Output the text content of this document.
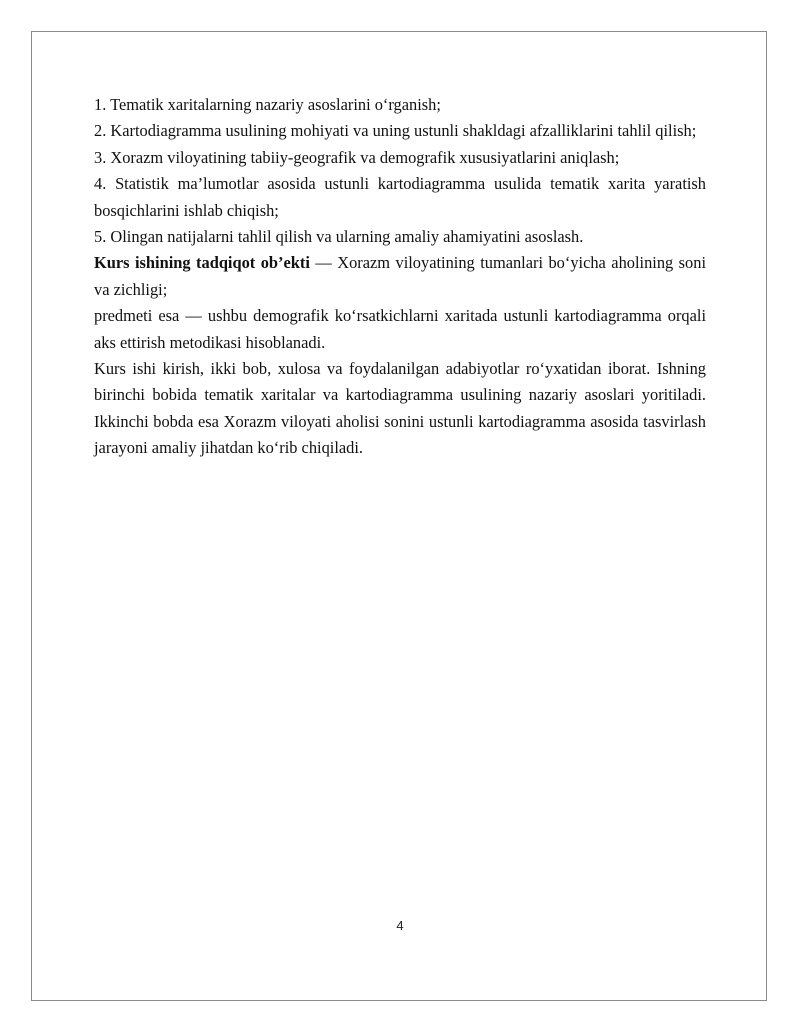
1. Tematik xaritalarning nazariy asoslarini o‘rganish;

2. Kartodiagramma usulining mohiyati va uning ustunli shakldagi afzalliklarini tahlil qilish;

3. Xorazm viloyatining tabiiy-geografik va demografik xususiyatlarini aniqlash;

4. Statistik ma’lumotlar asosida ustunli kartodiagramma usulida tematik xarita yaratish bosqichlarini ishlab chiqish;

5. Olingan natijalarni tahlil qilish va ularning amaliy ahamiyatini asoslash.

Kurs ishining tadqiqot ob’ekti — Xorazm viloyatining tumanlari bo‘yicha aholining soni va zichligi;

predmeti esa — ushbu demografik ko‘rsatkichlarni xaritada ustunli kartodiagramma orqali aks ettirish metodikasi hisoblanadi.

Kurs ishi kirish, ikki bob, xulosa va foydalanilgan adabiyotlar ro‘yxatidan iborat. Ishning birinchi bobida tematik xaritalar va kartodiagramma usulining nazariy asoslari yoritiladi. Ikkinchi bobda esa Xorazm viloyati aholisi sonini ustunli kartodiagramma asosida tasvirlash jarayoni amaliy jihatdan ko‘rib chiqiladi.

4
